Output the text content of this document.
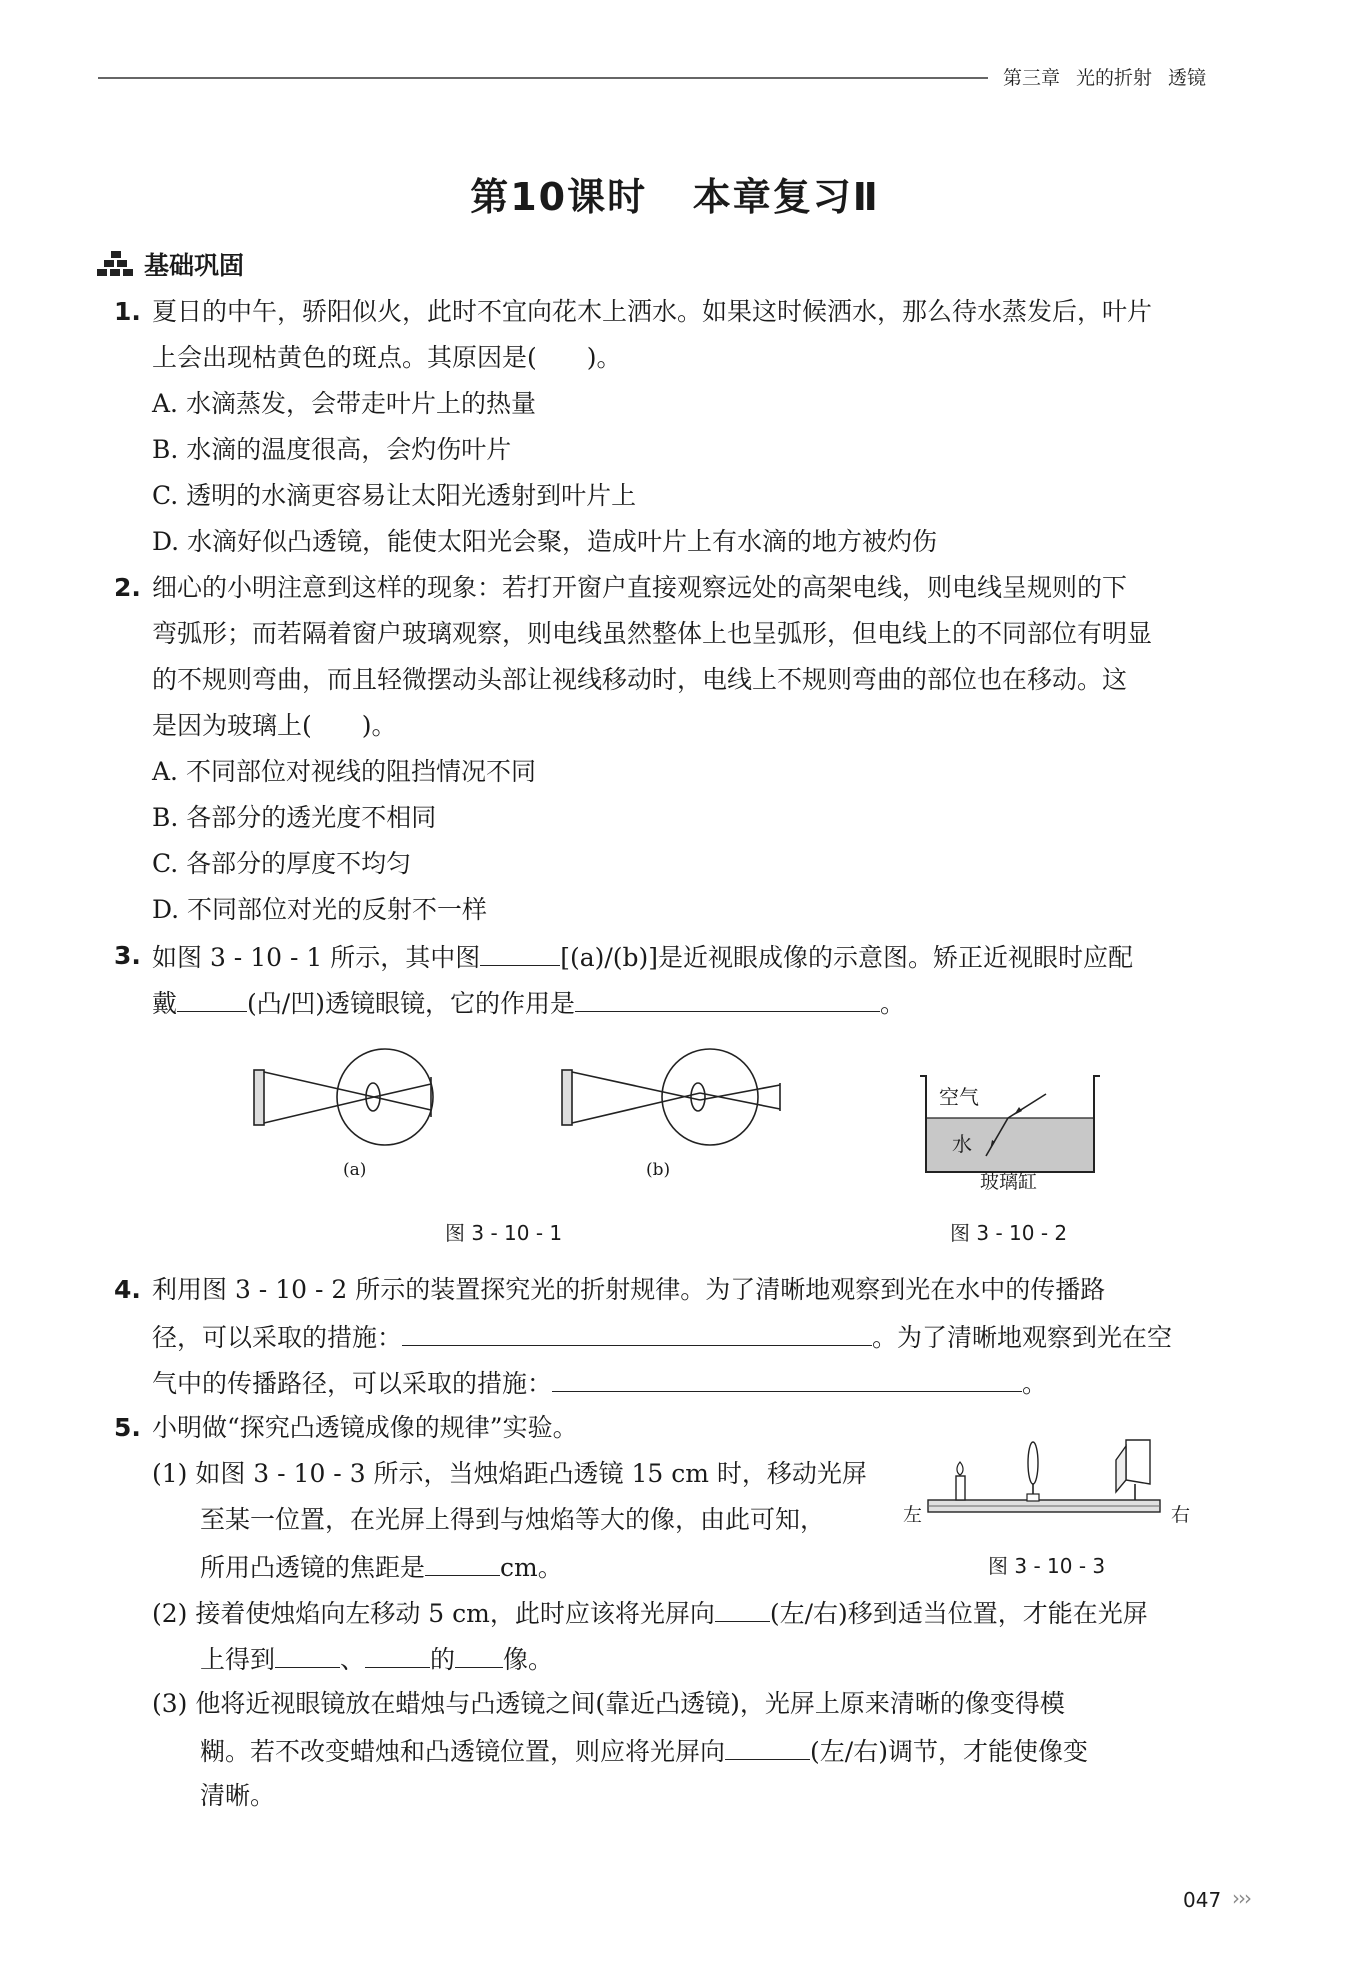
第三章 光的折射 透镜
第10课时   本章复习Ⅱ
基础巩固
1. 夏日的中午，骄阳似火，此时不宜向花木上洒水。如果这时候洒水，那么待水蒸发后，叶片
上会出现枯黄色的斑点。其原因是(　　)。
A. 水滴蒸发，会带走叶片上的热量
B. 水滴的温度很高，会灼伤叶片
C. 透明的水滴更容易让太阳光透射到叶片上
D. 水滴好似凸透镜，能使太阳光会聚，造成叶片上有水滴的地方被灼伤
2. 细心的小明注意到这样的现象：若打开窗户直接观察远处的高架电线，则电线呈规则的下
弯弧形；而若隔着窗户玻璃观察，则电线虽然整体上也呈弧形，但电线上的不同部位有明显
的不规则弯曲，而且轻微摆动头部让视线移动时，电线上不规则弯曲的部位也在移动。这
是因为玻璃上(　　)。
A. 不同部位对视线的阻挡情况不同
B. 各部分的透光度不相同
C. 各部分的厚度不均匀
D. 不同部位对光的反射不一样
3. 如图 3 - 10 - 1 所示，其中图	[(a)/(b)]是近视眼成像的示意图。矫正近视眼时应配
戴	(凸/凹)透镜眼镜，它的作用是	。
(a)	(b)
图 3 - 10 - 1
空气
水
玻璃缸
图 3 - 10 - 2
4. 利用图 3 - 10 - 2 所示的装置探究光的折射规律。为了清晰地观察到光在水中的传播路
径，可以采取的措施：	。为了清晰地观察到光在空
气中的传播路径，可以采取的措施：	。
5. 小明做“探究凸透镜成像的规律”实验。
(1) 如图 3 - 10 - 3 所示，当烛焰距凸透镜 15 cm 时，移动光屏
至某一位置，在光屏上得到与烛焰等大的像，由此可知，
所用凸透镜的焦距是	cm。
左	右
图 3 - 10 - 3
(2) 接着使烛焰向左移动 5 cm，此时应该将光屏向 (左/右)移到适当位置，才能在光屏
上得到	、	的 像。
(3) 他将近视眼镜放在蜡烛与凸透镜之间(靠近凸透镜)，光屏上原来清晰的像变得模
糊。若不改变蜡烛和凸透镜位置，则应将光屏向	(左/右)调节，才能使像变
清晰。
047 ›››
